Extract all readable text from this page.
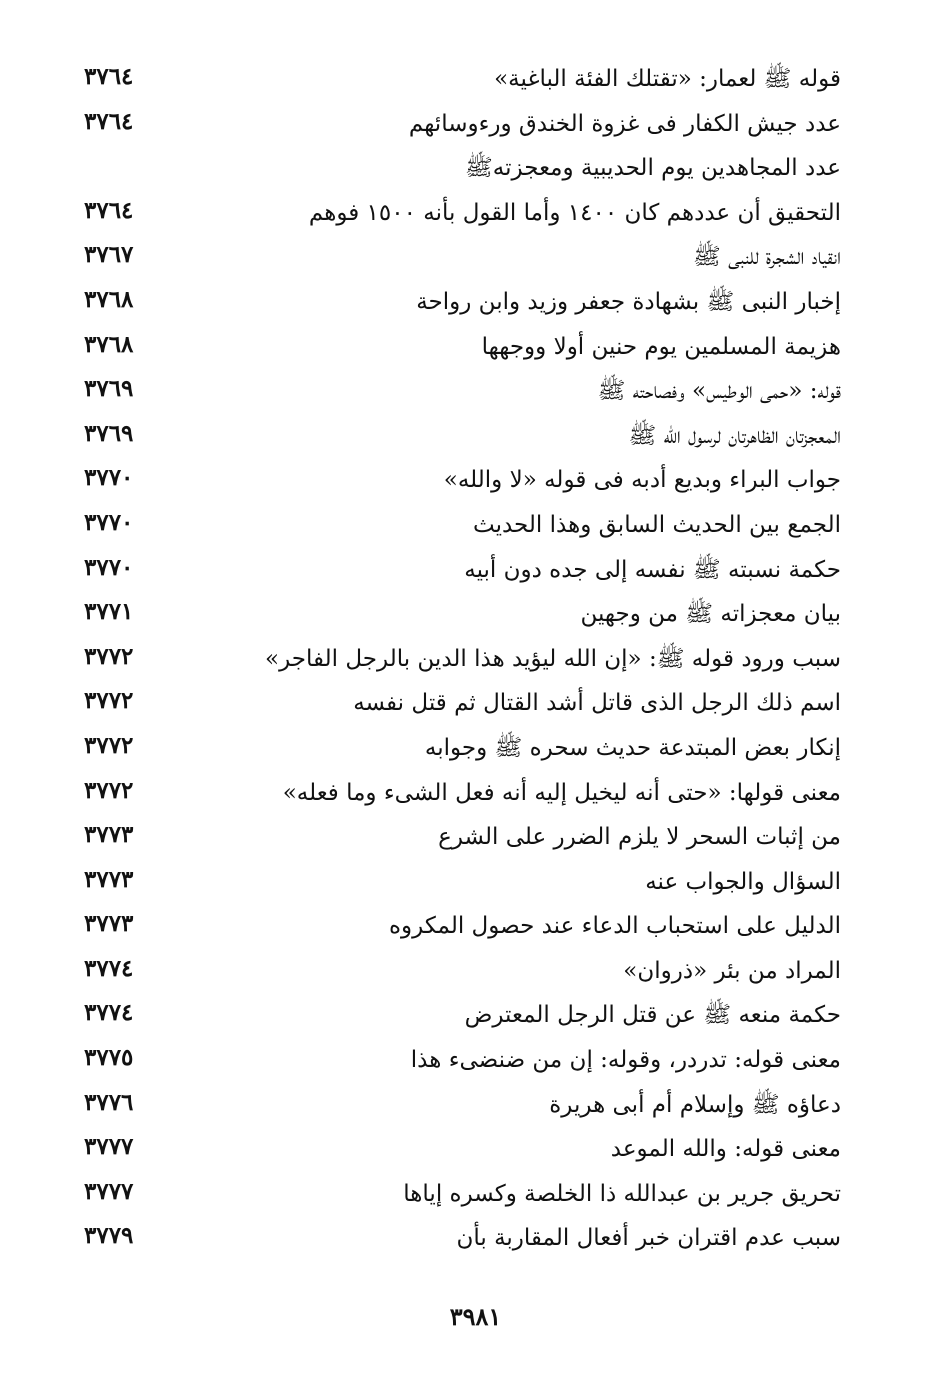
قوله ﷺ لعمار: «تقتلك الفئة الباغية»
٣٧٦٤
عدد جيش الكفار فى غزوة الخندق ورءوسائهم
٣٧٦٤
عدد المجاهدين يوم الحديبية ومعجزتهﷺ
التحقيق أن عددهم كان ١٤٠٠ وأما القول بأنه ١٥٠٠ فوهم
٣٧٦٤
انقياد الشجرة للنبى ﷺ
٣٧٦٧
إخبار النبى ﷺ بشهادة جعفر وزيد وابن رواحة
٣٧٦٨
هزيمة المسلمين يوم حنين أولا ووجهها
٣٧٦٨
قوله: «حمى الوطيس» وفصاحته ﷺ
٣٧٦٩
المعجزتان الظاهرتان لرسول الله ﷺ
٣٧٦٩
جواب البراء وبديع أدبه فى قوله «لا والله»
٣٧٧٠
الجمع بين الحديث السابق وهذا الحديث
٣٧٧٠
حكمة نسبته ﷺ نفسه إلى جده دون أبيه
٣٧٧٠
بيان معجزاته ﷺ من وجهين
٣٧٧١
سبب ورود قوله ﷺ: «إن الله ليؤيد هذا الدين بالرجل الفاجر»
٣٧٧٢
اسم ذلك الرجل الذى قاتل أشد القتال ثم قتل نفسه
٣٧٧٢
إنكار بعض المبتدعة حديث سحره ﷺ وجوابه
٣٧٧٢
معنى قولها: «حتى أنه ليخيل إليه أنه فعل الشىء وما فعله»
٣٧٧٢
من إثبات السحر لا يلزم الضرر على الشرع
٣٧٧٣
السؤال والجواب عنه
٣٧٧٣
الدليل على استحباب الدعاء عند حصول المكروه
٣٧٧٣
المراد من بئر «ذروان»
٣٧٧٤
حكمة منعه ﷺ عن قتل الرجل المعترض
٣٧٧٤
معنى قوله: تدردر، وقوله: إن من ضنضىء هذا
٣٧٧٥
دعاؤه ﷺ وإسلام أم أبى هريرة
٣٧٧٦
معنى قوله: والله الموعد
٣٧٧٧
تحريق جرير بن عبدالله ذا الخلصة وكسره إياها
٣٧٧٧
سبب عدم اقتران خبر أفعال المقاربة بأن
٣٧٧٩
٣٩٨١
